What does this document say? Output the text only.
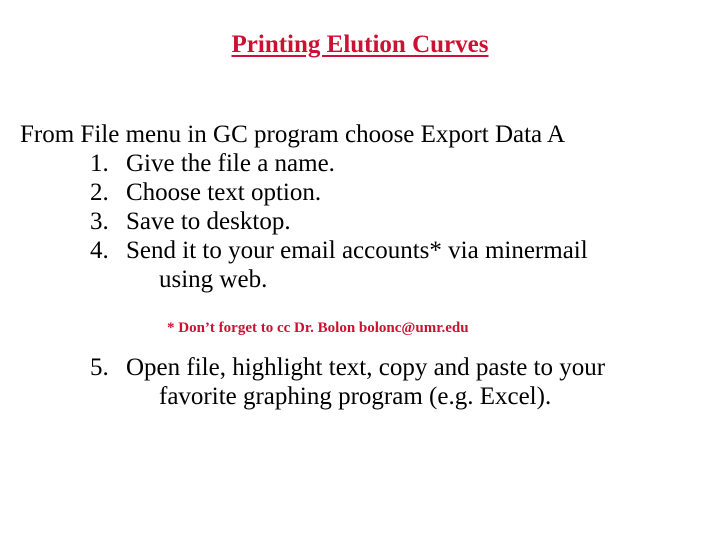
Printing Elution Curves
From File menu in GC program choose Export Data A
1. Give the file a name.
2. Choose text option.
3. Save to desktop.
4. Send it to your email accounts* via minermail
using web.
* Don’t forget to cc Dr. Bolon bolonc@umr.edu
5. Open file, highlight text, copy and paste to your
favorite graphing program (e.g. Excel).
